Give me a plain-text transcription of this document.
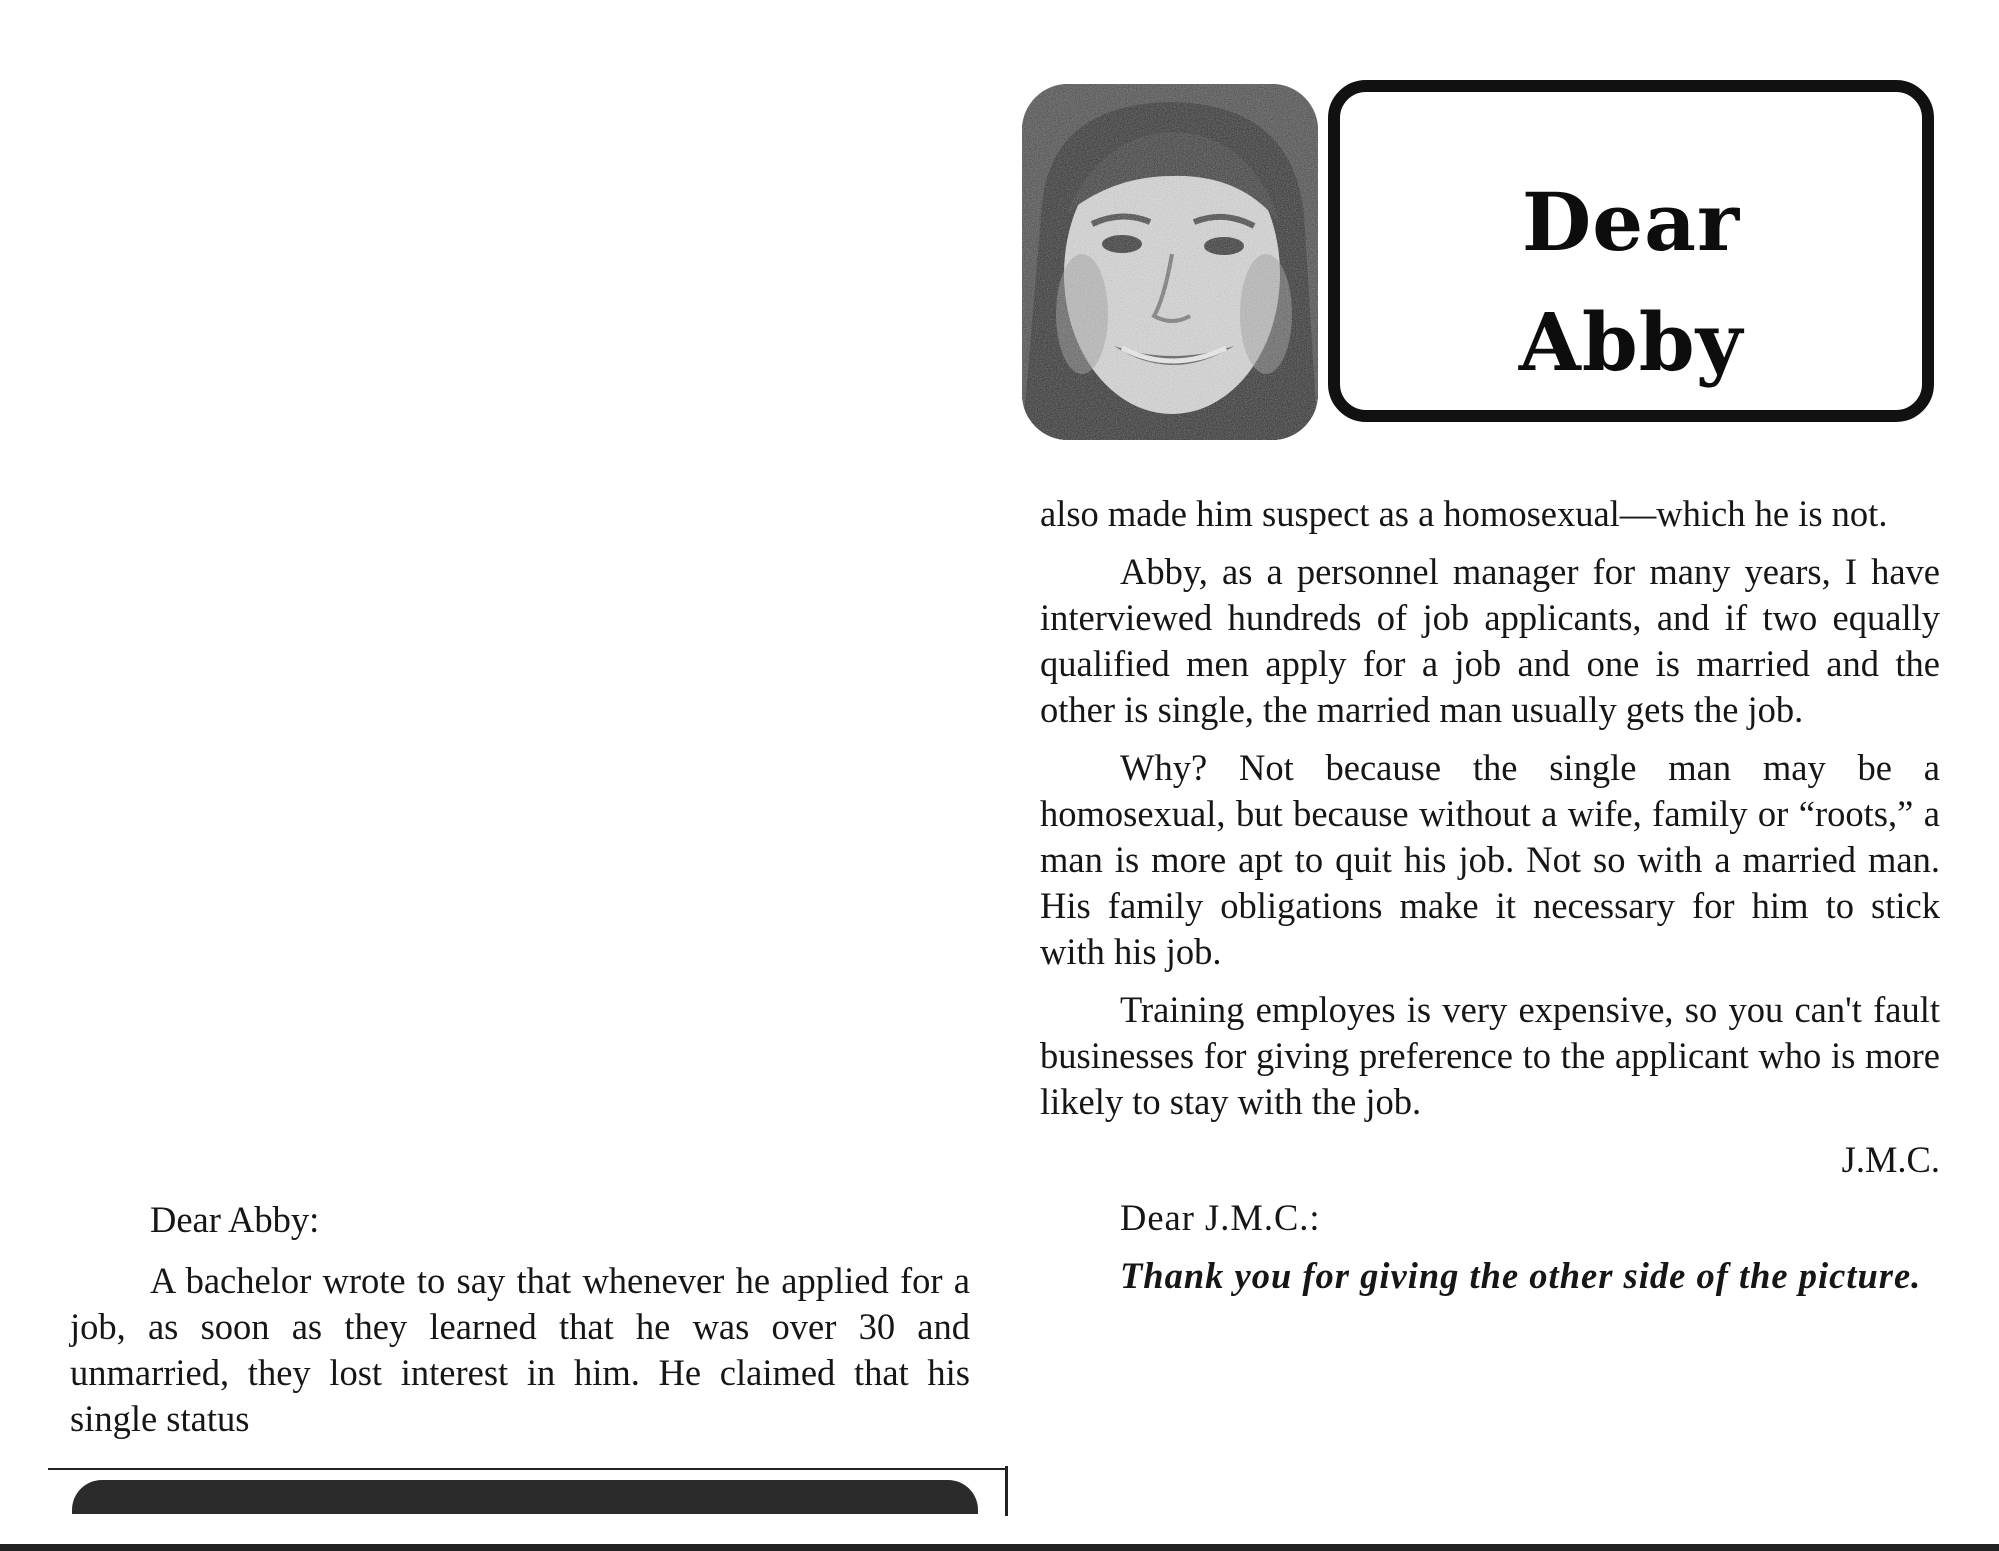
Dear
Abby

Dear Abby:

A bachelor wrote to say that whenever he applied for a job, as soon as they learned that he was over 30 and unmarried, they lost interest in him. He claimed that his single status

also made him suspect as a homosexual—which he is not.

Abby, as a personnel manager for many years, I have interviewed hundreds of job applicants, and if two equally qualified men apply for a job and one is married and the other is single, the married man usually gets the job.

Why? Not because the single man may be a homosexual, but because without a wife, family or “roots,” a man is more apt to quit his job. Not so with a married man. His family obligations make it necessary for him to stick with his job.

Training employes is very expensive, so you can't fault businesses for giving preference to the applicant who is more likely to stay with the job.

J.M.C.

Dear J.M.C.:

Thank you for giving the other side of the picture.
